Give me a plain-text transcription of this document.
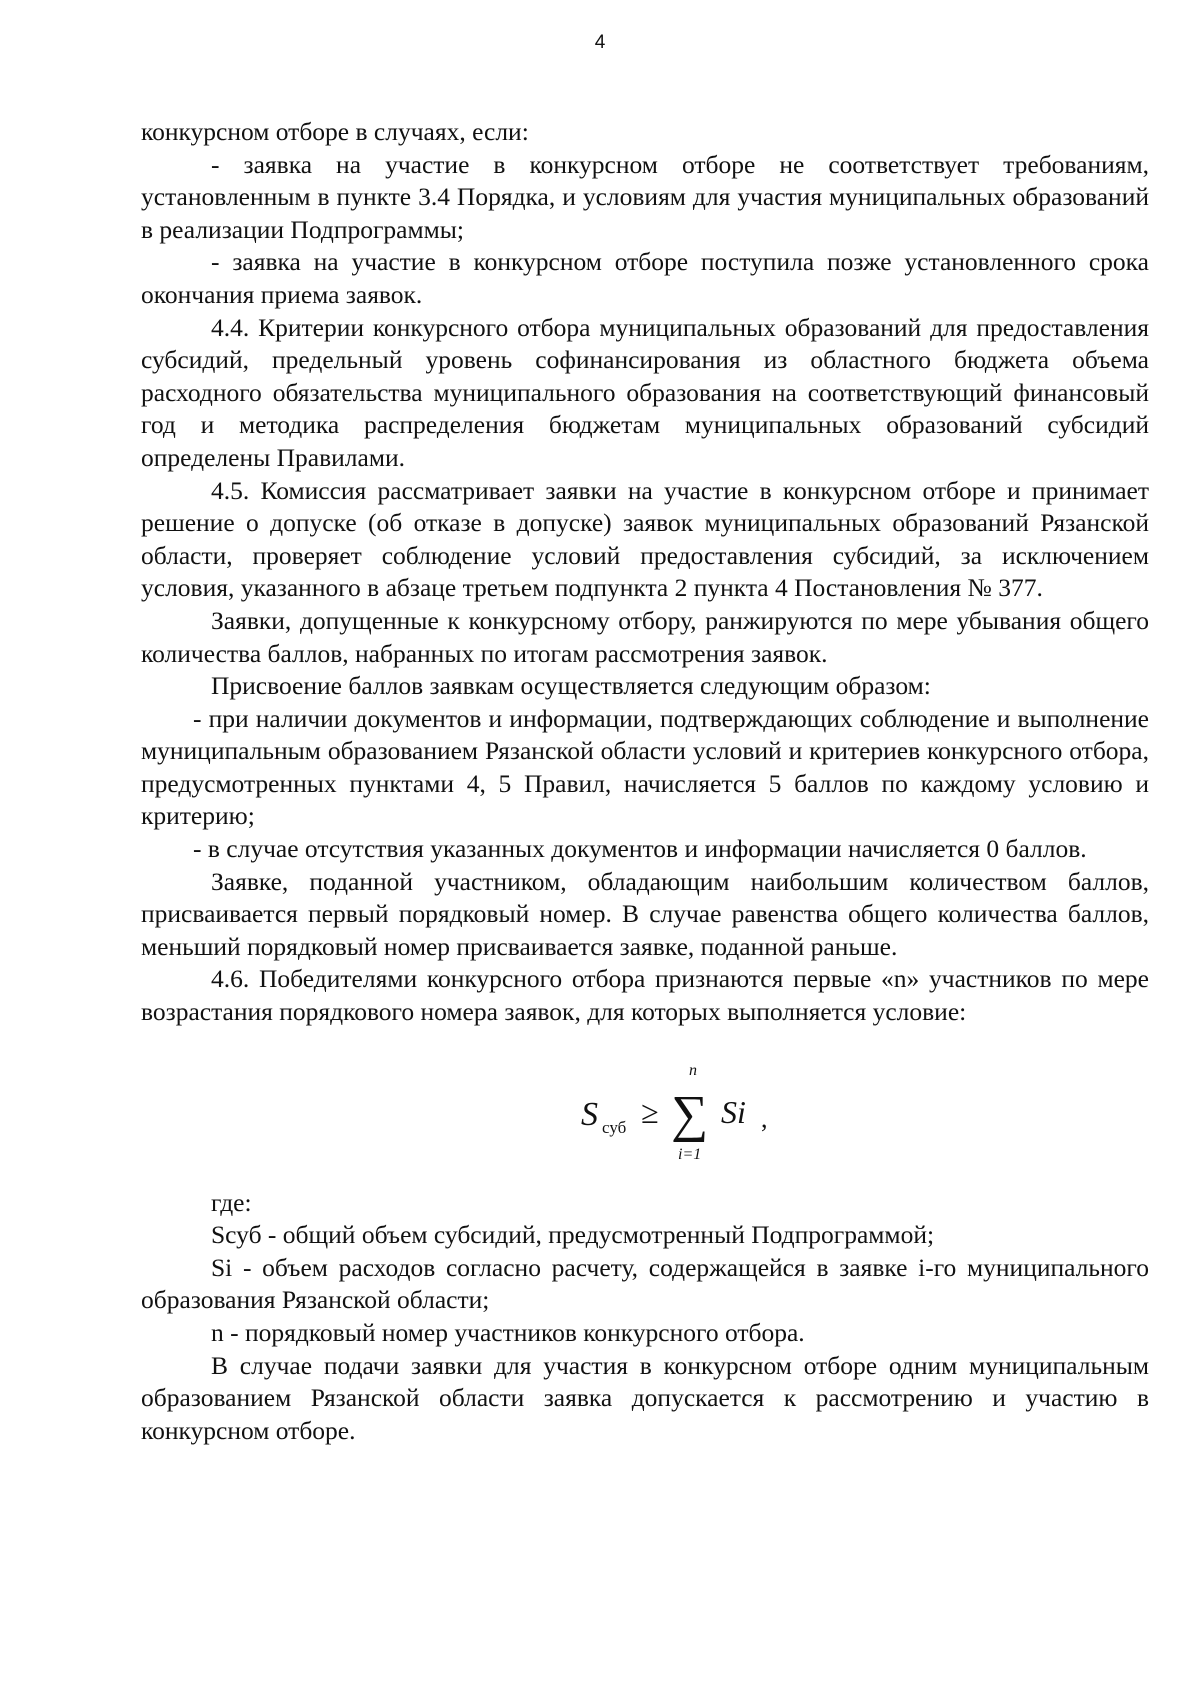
4

конкурсном отборе в случаях, если:

- заявка на участие в конкурсном отборе не соответствует требованиям, установленным в пункте 3.4 Порядка, и условиям для участия муниципальных образований в реализации Подпрограммы;

- заявка на участие в конкурсном отборе поступила позже установленного срока окончания приема заявок.

4.4. Критерии конкурсного отбора муниципальных образований для предоставления субсидий, предельный уровень софинансирования из областного бюджета объема расходного обязательства муниципального образования на соответствующий финансовый год и методика распределения бюджетам муниципальных образований субсидий определены Правилами.

4.5. Комиссия рассматривает заявки на участие в конкурсном отборе и принимает решение о допуске (об отказе в допуске) заявок муниципальных образований Рязанской области, проверяет соблюдение условий предоставления субсидий, за исключением условия, указанного в абзаце третьем подпункта 2 пункта 4 Постановления № 377.

Заявки, допущенные к конкурсному отбору, ранжируются по мере убывания общего количества баллов, набранных по итогам рассмотрения заявок.

Присвоение баллов заявкам осуществляется следующим образом:

- при наличии документов и информации, подтверждающих соблюдение и выполнение муниципальным образованием Рязанской области условий и критериев конкурсного отбора, предусмотренных пунктами 4, 5 Правил, начисляется 5 баллов по каждому условию и критерию;

- в случае отсутствия указанных документов и информации начисляется 0 баллов.

Заявке, поданной участником, обладающим наибольшим количеством баллов, присваивается первый порядковый номер. В случае равенства общего количества баллов, меньший порядковый номер присваивается заявке, поданной раньше.

4.6. Победителями конкурсного отбора признаются первые «n» участников по мере возрастания порядкового номера заявок, для которых выполняется условие:

S суб ≥ ∑
n
i=1
Si ,

где:

Sсуб - общий объем субсидий, предусмотренный Подпрограммой;

Si - объем расходов согласно расчету, содержащейся в заявке i-го муниципального образования Рязанской области;

n - порядковый номер участников конкурсного отбора.

В случае подачи заявки для участия в конкурсном отборе одним муниципальным образованием Рязанской области заявка допускается к рассмотрению и участию в конкурсном отборе.
